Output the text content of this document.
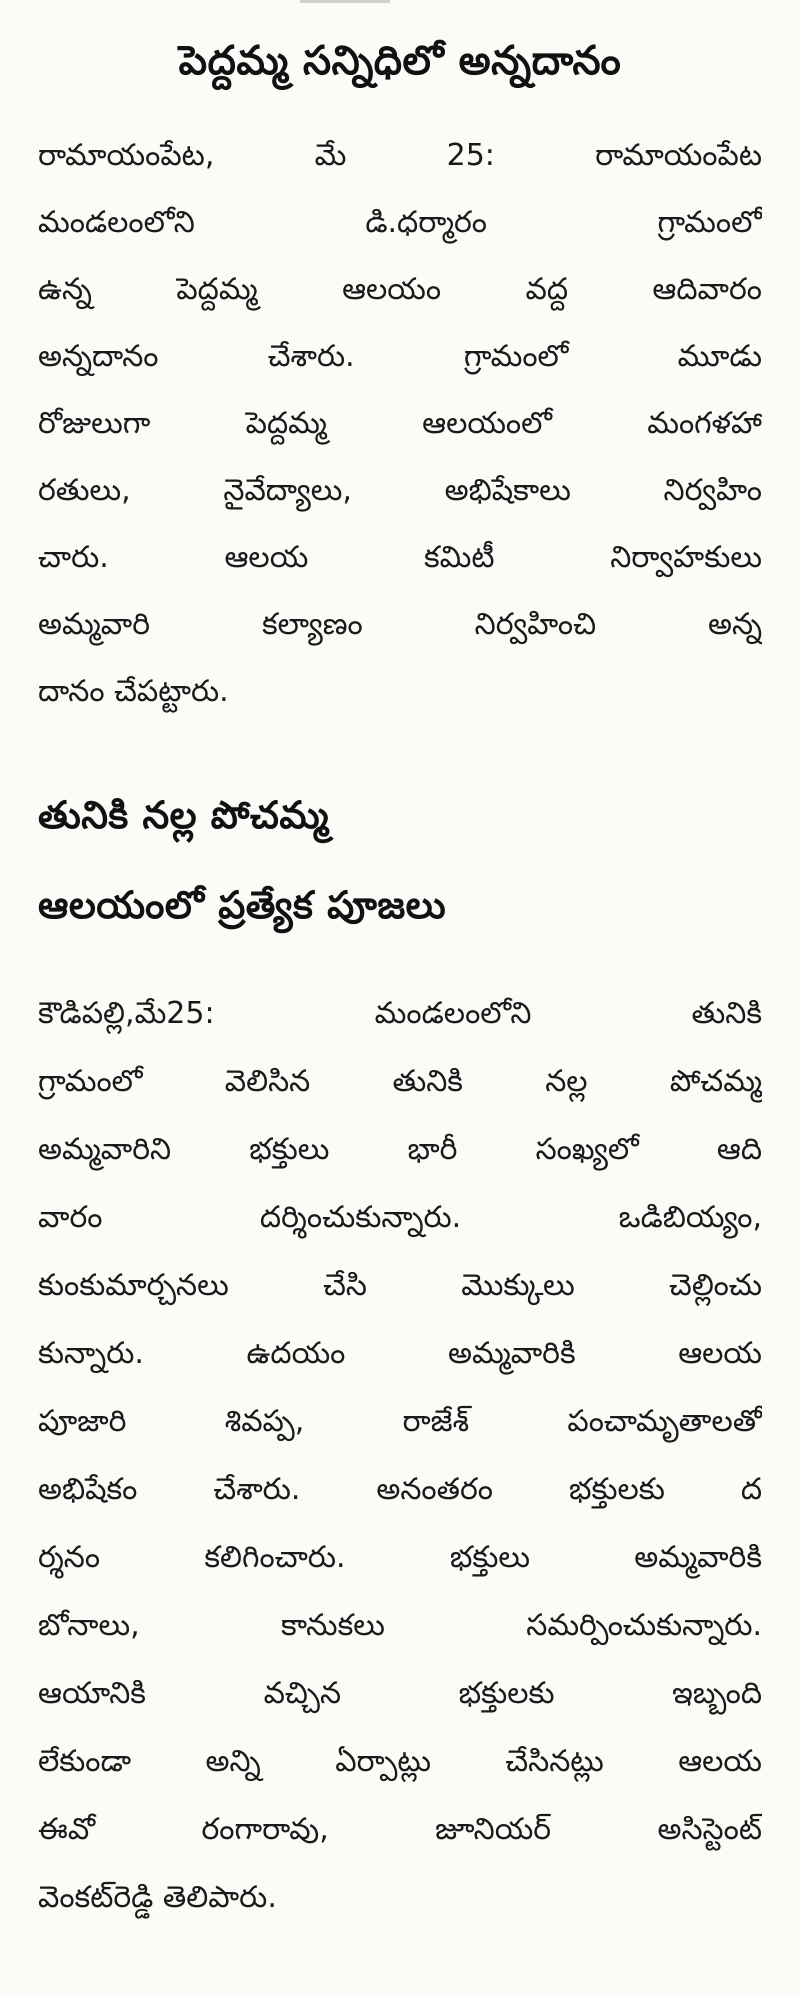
పెద్దమ్మ సన్నిధిలో అన్నదానం
రామాయంపేట, మే 25: రామాయంపేట
మండలంలోని డి.ధర్మారం గ్రామంలో
ఉన్న పెద్దమ్మ ఆలయం వద్ద ఆదివారం
అన్నదానం చేశారు. గ్రామంలో మూడు
రోజులుగా పెద్దమ్మ ఆలయంలో మంగళహా
రతులు, నైవేద్యాలు, అభిషేకాలు నిర్వహిం
చారు. ఆలయ కమిటీ నిర్వాహకులు
అమ్మవారి కల్యాణం నిర్వహించి అన్న
దానం చేపట్టారు.
తునికి నల్ల పోచమ్మ
ఆలయంలో ప్రత్యేక పూజలు
కౌడిపల్లి,మే25: మండలంలోని తునికి
గ్రామంలో వెలిసిన తునికి నల్ల పోచమ్మ
అమ్మవారిని భక్తులు భారీ సంఖ్యలో ఆది
వారం దర్శించుకున్నారు. ఒడిబియ్యం,
కుంకుమార్చనలు చేసి మొక్కులు చెల్లించు
కున్నారు. ఉదయం అమ్మవారికి ఆలయ
పూజారి శివప్ప, రాజేశ్ పంచామృతాలతో
అభిషేకం చేశారు. అనంతరం భక్తులకు ద
ర్శనం కలిగించారు. భక్తులు అమ్మవారికి
బోనాలు, కానుకలు సమర్పించుకున్నారు.
ఆయానికి వచ్చిన భక్తులకు ఇబ్బంది
లేకుండా అన్ని ఏర్పాట్లు చేసినట్లు ఆలయ
ఈవో రంగారావు, జూనియర్ అసిస్టెంట్
వెంకట్‌రెడ్డి తెలిపారు.
